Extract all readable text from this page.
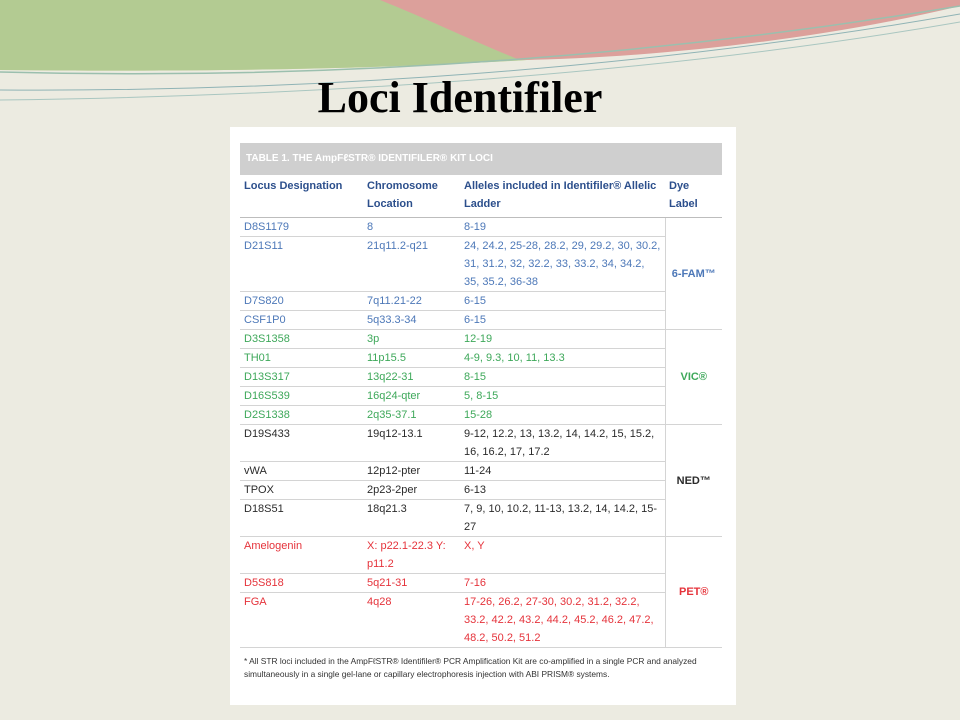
Loci Identifiler
TABLE 1. THE AmpFℓSTR® IDENTIFILER® KIT LOCI
Locus Designation	Chromosome Location	Alleles included in Identifiler® Allelic Ladder	Dye Label
D8S1179	8	8-19	6-FAM™
D21S11	21q11.2-q21	24, 24.2, 25-28, 28.2, 29, 29.2, 30, 30.2, 31, 31.2, 32, 32.2, 33, 33.2, 34, 34.2, 35, 35.2, 36-38	
D7S820	7q11.21-22	6-15	
CSF1P0	5q33.3-34	6-15	
D3S1358	3p	12-19	VIC®
TH01	11p15.5	4-9, 9.3, 10, 11, 13.3	
D13S317	13q22-31	8-15	
D16S539	16q24-qter	5, 8-15	
D2S1338	2q35-37.1	15-28	
D19S433	19q12-13.1	9-12, 12.2, 13, 13.2, 14, 14.2, 15, 15.2, 16, 16.2, 17, 17.2	NED™
vWA	12p12-pter	11-24	
TPOX	2p23-2per	6-13	
D18S51	18q21.3	7, 9, 10, 10.2, 11-13, 13.2, 14, 14.2, 15-27	
Amelogenin	X: p22.1-22.3 Y: p11.2	X, Y	PET®
D5S818	5q21-31	7-16	
FGA	4q28	17-26, 26.2, 27-30, 30.2, 31.2, 32.2, 33.2, 42.2, 43.2, 44.2, 45.2, 46.2, 47.2, 48.2, 50.2, 51.2	
* All STR loci included in the AmpFℓSTR® Identifiler® PCR Amplification Kit are co-amplified in a single PCR and analyzed simultaneously in a single gel-lane or capillary electrophoresis injection with ABI PRISM® systems.
